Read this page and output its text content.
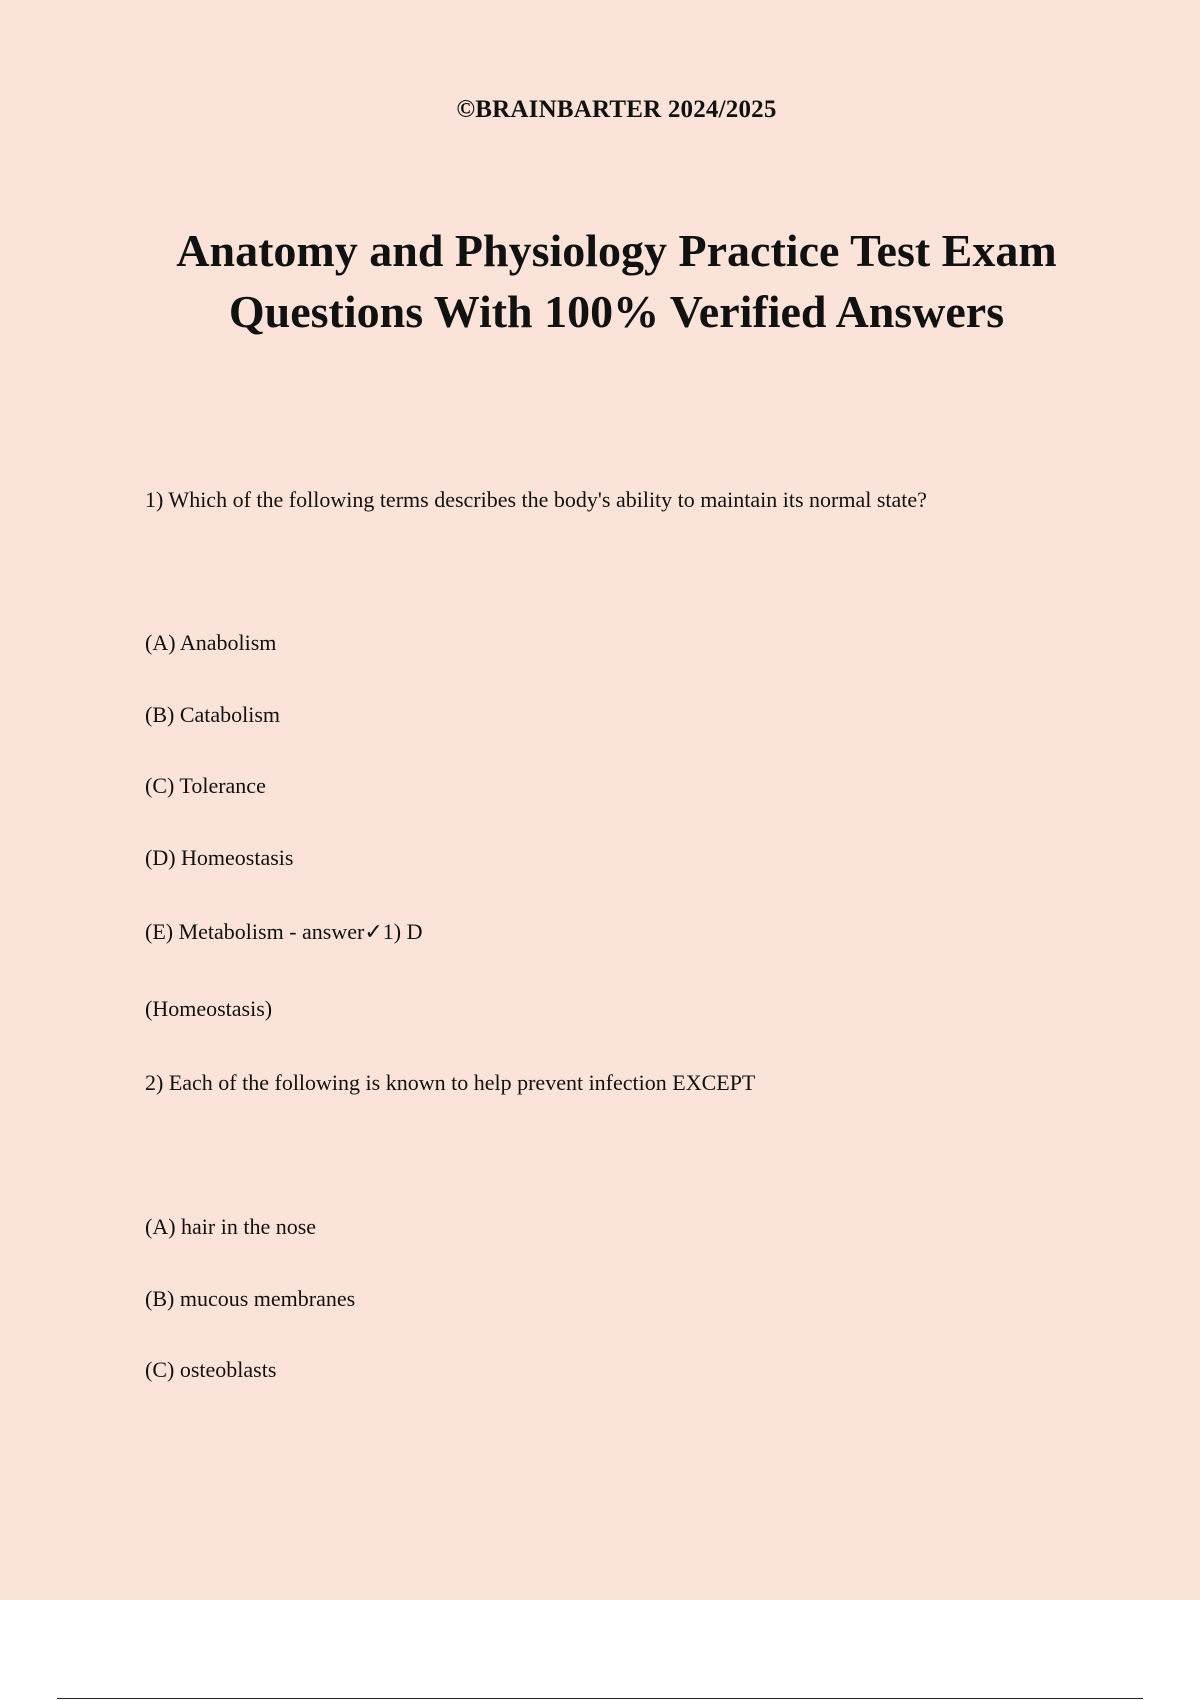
©BRAINBARTER 2024/2025
Anatomy and Physiology Practice Test Exam
Questions With 100% Verified Answers
1) Which of the following terms describes the body's ability to maintain its normal state?
(A) Anabolism
(B) Catabolism
(C) Tolerance
(D) Homeostasis
(E) Metabolism - answer✓1) D
(Homeostasis)
2) Each of the following is known to help prevent infection EXCEPT
(A) hair in the nose
(B) mucous membranes
(C) osteoblasts
